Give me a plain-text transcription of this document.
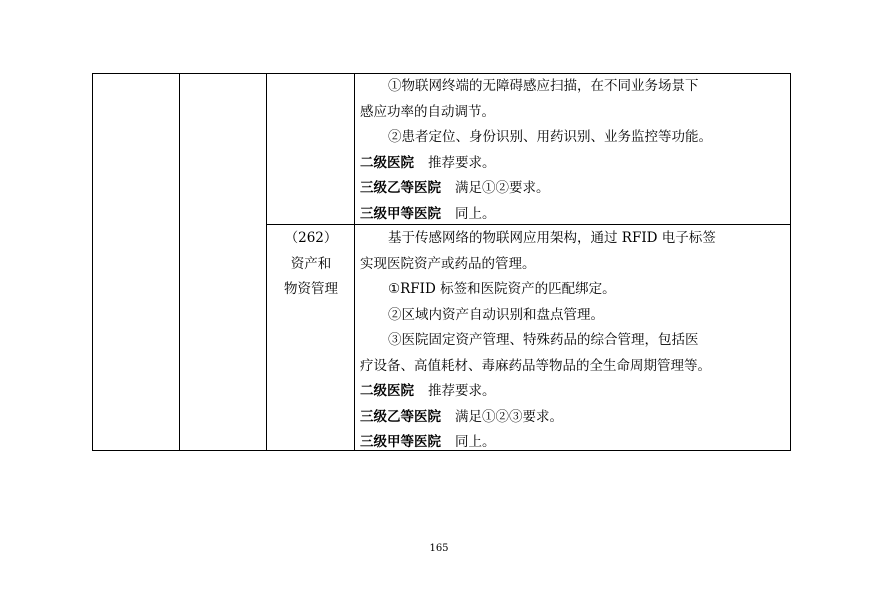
①物联网终端的无障碍感应扫描，在不同业务场景下
感应功率的自动调节。
②患者定位、身份识别、用药识别、业务监控等功能。
二级医院 推荐要求。
三级乙等医院 满足①②要求。
三级甲等医院 同上。
（262）
资产和
物资管理
基于传感网络的物联网应用架构，通过 RFID 电子标签
实现医院资产或药品的管理。
①RFID 标签和医院资产的匹配绑定。
②区域内资产自动识别和盘点管理。
③医院固定资产管理、特殊药品的综合管理，包括医
疗设备、高值耗材、毒麻药品等物品的全生命周期管理等。
二级医院 推荐要求。
三级乙等医院 满足①②③要求。
三级甲等医院 同上。
165
